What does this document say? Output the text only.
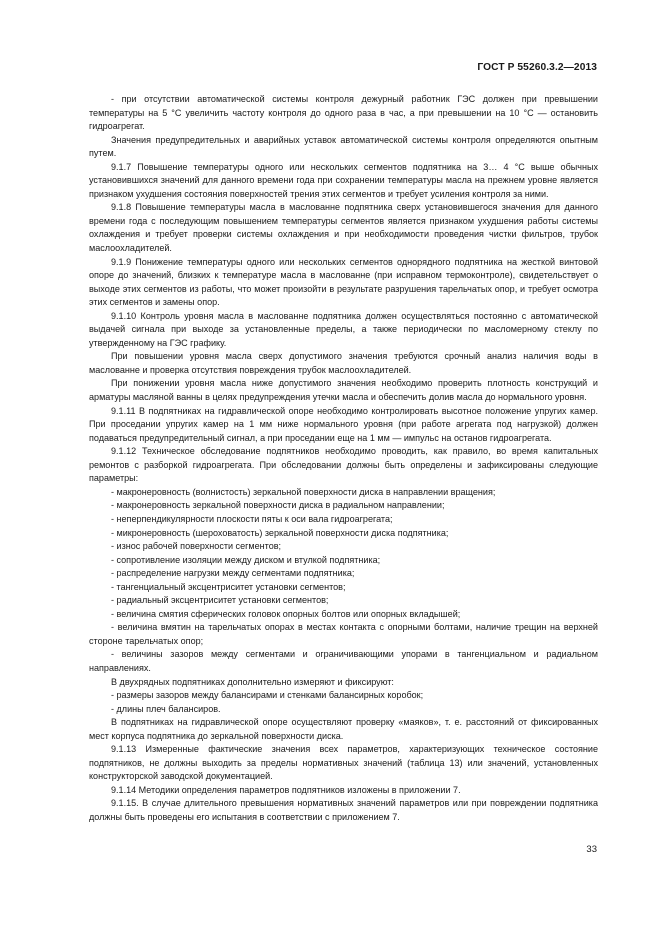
ГОСТ Р 55260.3.2—2013

- при отсутствии автоматической системы контроля дежурный работник ГЭС должен при превышении температуры на 5 °С увеличить частоту контроля до одного раза в час, а при превышении на 10 °С — остановить гидроагрегат.

Значения предупредительных и аварийных уставок автоматической системы контроля определяются опытным путем.

9.1.7 Повышение температуры одного или нескольких сегментов подпятника на 3… 4 °С выше обычных установившихся значений для данного времени года при сохранении температуры масла на прежнем уровне является признаком ухудшения состояния поверхностей трения этих сегментов и требует усиления контроля за ними.

9.1.8 Повышение температуры масла в маслованне подпятника сверх установившегося значения для данного времени года с последующим повышением температуры сегментов является признаком ухудшения работы системы охлаждения и требует проверки системы охлаждения и при необходимости проведения чистки фильтров, трубок маслоохладителей.

9.1.9 Понижение температуры одного или нескольких сегментов однорядного подпятника на жесткой винтовой опоре до значений, близких к температуре масла в маслованне (при исправном термоконтроле), свидетельствует о выходе этих сегментов из работы, что может произойти в результате разрушения тарельчатых опор, и требует осмотра этих сегментов и замены опор.

9.1.10 Контроль уровня масла в маслованне подпятника должен осуществляться постоянно с автоматической выдачей сигнала при выходе за установленные пределы, а также периодически по масломерному стеклу по утвержденному на ГЭС графику.

При повышении уровня масла сверх допустимого значения требуются срочный анализ наличия воды в маслованне и проверка отсутствия повреждения трубок маслоохладителей.

При понижении уровня масла ниже допустимого значения необходимо проверить плотность конструкций и арматуры масляной ванны в целях предупреждения утечки масла и обеспечить долив масла до нормального уровня.

9.1.11 В подпятниках на гидравлической опоре необходимо контролировать высотное положение упругих камер. При проседании упругих камер на 1 мм ниже нормального уровня (при работе агрегата под нагрузкой) должен подаваться предупредительный сигнал, а при проседании еще на 1 мм — импульс на останов гидроагрегата.

9.1.12 Техническое обследование подпятников необходимо проводить, как правило, во время капитальных ремонтов с разборкой гидроагрегата. При обследовании должны быть определены и зафиксированы следующие параметры:

- макронеровность (волнистость) зеркальной поверхности диска в направлении вращения;

- макронеровность зеркальной поверхности диска в радиальном направлении;

- неперпендикулярности плоскости пяты к оси вала гидроагрегата;

- микронеровность (шероховатость) зеркальной поверхности диска подпятника;

- износ рабочей поверхности сегментов;

- сопротивление изоляции между диском и втулкой подпятника;

- распределение нагрузки между сегментами подпятника;

- тангенциальный эксцентриситет установки сегментов;

- радиальный эксцентриситет установки сегментов;

- величина смятия сферических головок опорных болтов или опорных вкладышей;

- величина вмятин на тарельчатых опорах в местах контакта с опорными болтами, наличие трещин на верхней стороне тарельчатых опор;

- величины зазоров между сегментами и ограничивающими упорами в тангенциальном и радиальном направлениях.

В двухрядных подпятниках дополнительно измеряют и фиксируют:

- размеры зазоров между балансирами и стенками балансирных коробок;

- длины плеч балансиров.

В подпятниках на гидравлической опоре осуществляют проверку «маяков», т. е. расстояний от фиксированных мест корпуса подпятника до зеркальной поверхности диска.

9.1.13 Измеренные фактические значения всех параметров, характеризующих техническое состояние подпятников, не должны выходить за пределы нормативных значений (таблица 13) или значений, установленных конструкторской заводской документацией.

9.1.14 Методики определения параметров подпятников изложены в приложении 7.

9.1.15. В случае длительного превышения нормативных значений параметров или при повреждении подпятника должны быть проведены его испытания в соответствии с приложением 7.

33
